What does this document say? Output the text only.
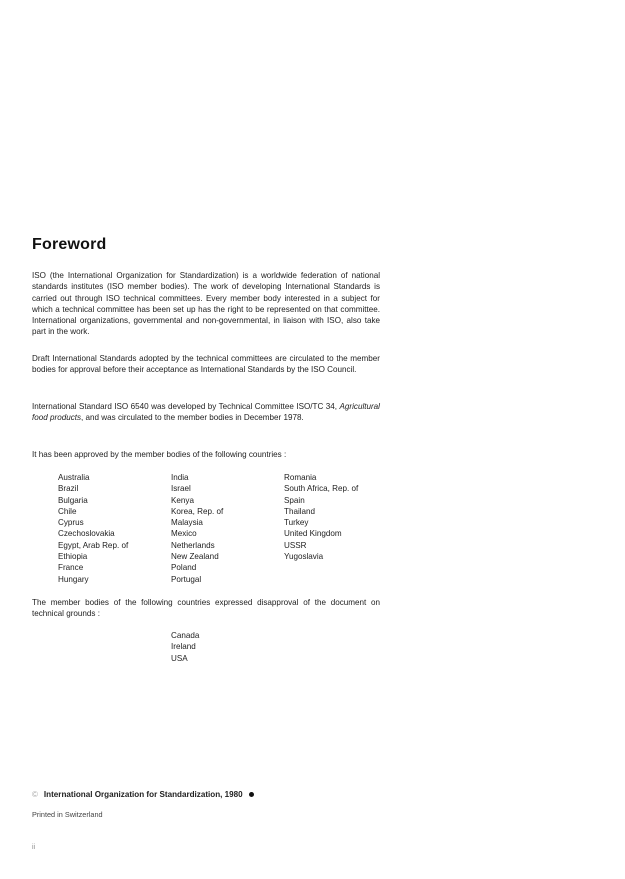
Foreword

ISO (the International Organization for Standardization) is a worldwide federation of national standards institutes (ISO member bodies). The work of developing International Standards is carried out through ISO technical committees. Every member body interested in a subject for which a technical committee has been set up has the right to be represented on that committee. International organizations, governmental and non-governmental, in liaison with ISO, also take part in the work.

Draft International Standards adopted by the technical committees are circulated to the member bodies for approval before their acceptance as International Standards by the ISO Council.

International Standard ISO 6540 was developed by Technical Committee ISO/TC 34, Agricultural food products, and was circulated to the member bodies in December 1978.

It has been approved by the member bodies of the following countries :

Australia
Brazil
Bulgaria
Chile
Cyprus
Czechoslovakia
Egypt, Arab Rep. of
Ethiopia
France
Hungary
India
Israel
Kenya
Korea, Rep. of
Malaysia
Mexico
Netherlands
New Zealand
Poland
Portugal
Romania
South Africa, Rep. of
Spain
Thailand
Turkey
United Kingdom
USSR
Yugoslavia

The member bodies of the following countries expressed disapproval of the document on technical grounds :

Canada
Ireland
USA
© International Organization for Standardization, 1980
Printed in Switzerland
ii
